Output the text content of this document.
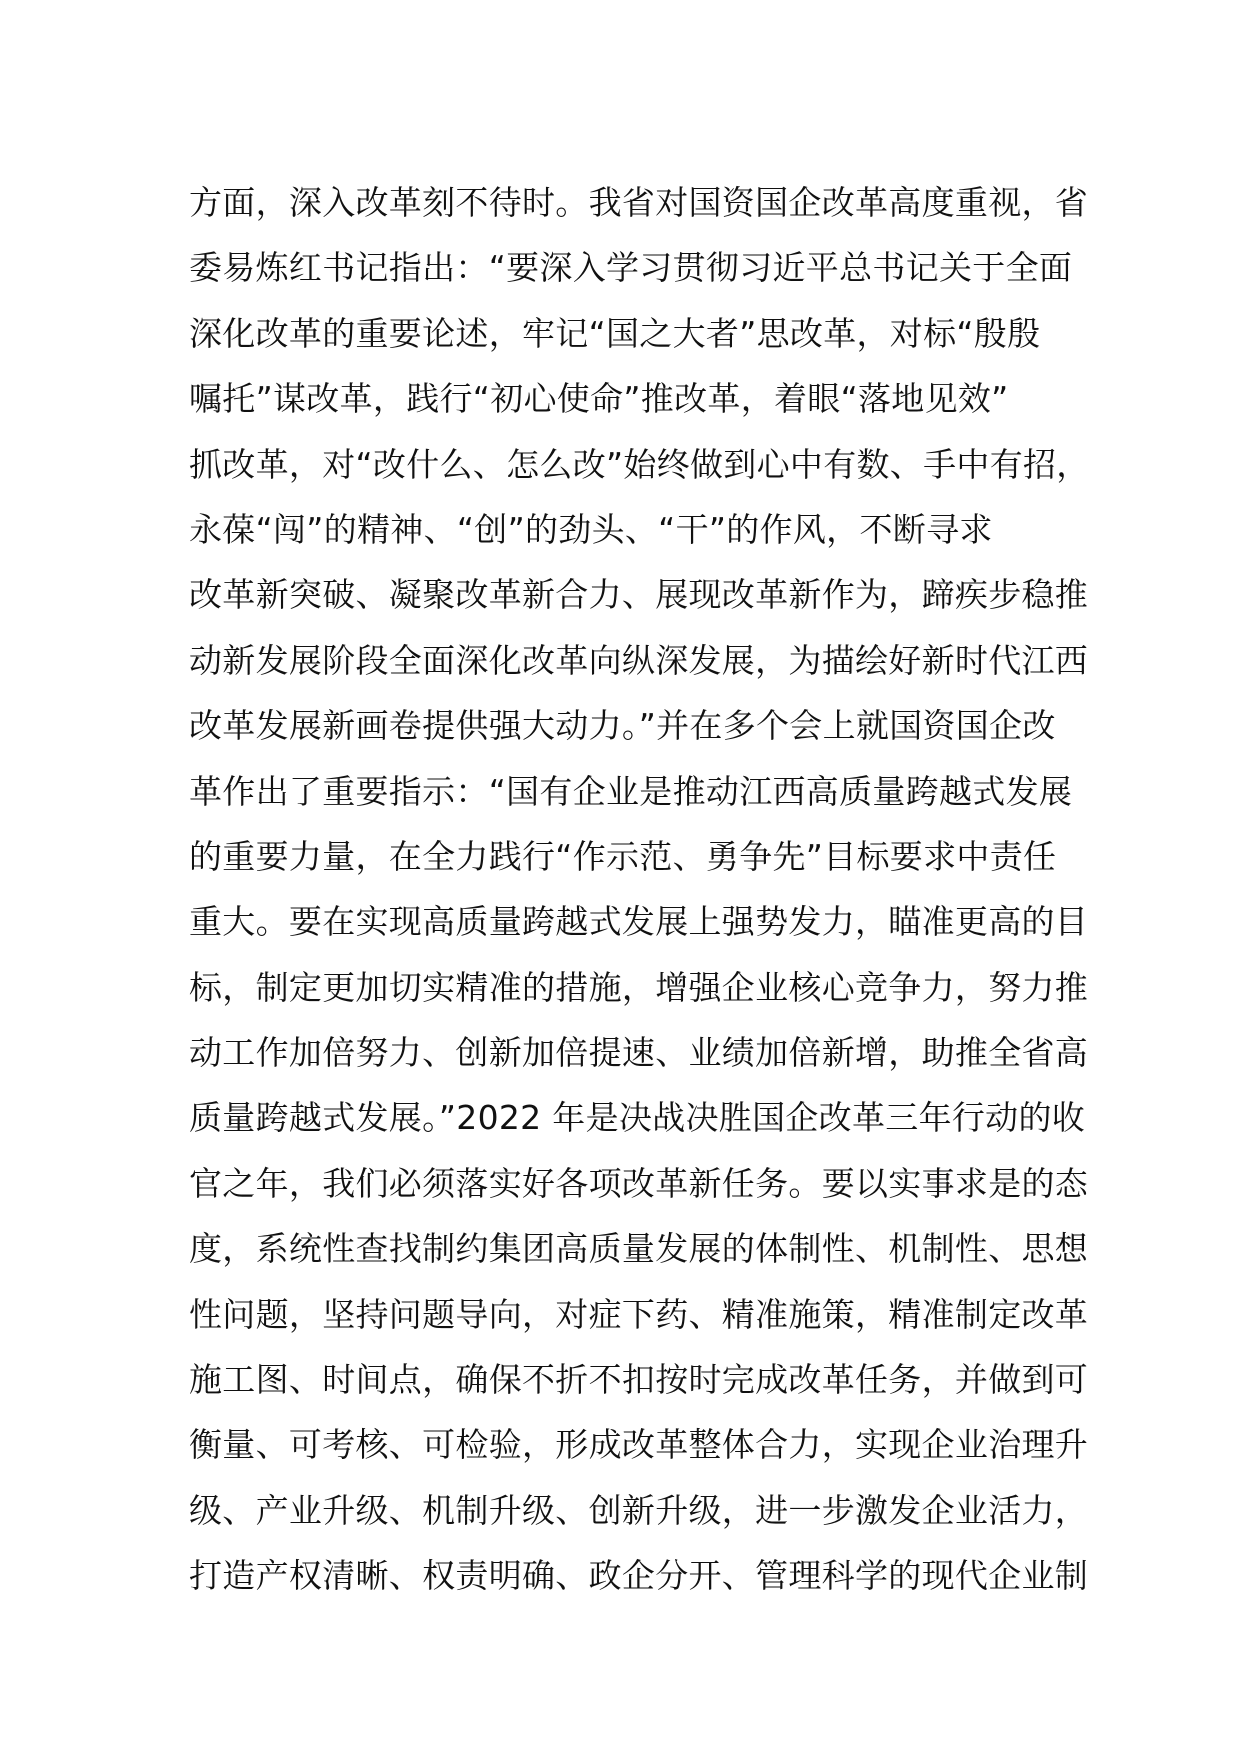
方面，深入改革刻不待时。我省对国资国企改革高度重视，省
委易炼红书记指出：“要深入学习贯彻习近平总书记关于全面
深化改革的重要论述，牢记“国之大者”思改革，对标“殷殷
嘱托”谋改革，践行“初心使命”推改革，着眼“落地见效”
抓改革，对“改什么、怎么改”始终做到心中有数、手中有招，
永葆“闯”的精神、“创”的劲头、“干”的作风，不断寻求
改革新突破、凝聚改革新合力、展现改革新作为，蹄疾步稳推
动新发展阶段全面深化改革向纵深发展，为描绘好新时代江西
改革发展新画卷提供强大动力。”并在多个会上就国资国企改
革作出了重要指示：“国有企业是推动江西高质量跨越式发展
的重要力量，在全力践行“作示范、勇争先”目标要求中责任
重大。要在实现高质量跨越式发展上强势发力，瞄准更高的目
标，制定更加切实精准的措施，增强企业核心竞争力，努力推
动工作加倍努力、创新加倍提速、业绩加倍新增，助推全省高
质量跨越式发展。”2022 年是决战决胜国企改革三年行动的收
官之年，我们必须落实好各项改革新任务。要以实事求是的态
度，系统性查找制约集团高质量发展的体制性、机制性、思想
性问题，坚持问题导向，对症下药、精准施策，精准制定改革
施工图、时间点，确保不折不扣按时完成改革任务，并做到可
衡量、可考核、可检验，形成改革整体合力，实现企业治理升
级、产业升级、机制升级、创新升级，进一步激发企业活力，
打造产权清晰、权责明确、政企分开、管理科学的现代企业制
